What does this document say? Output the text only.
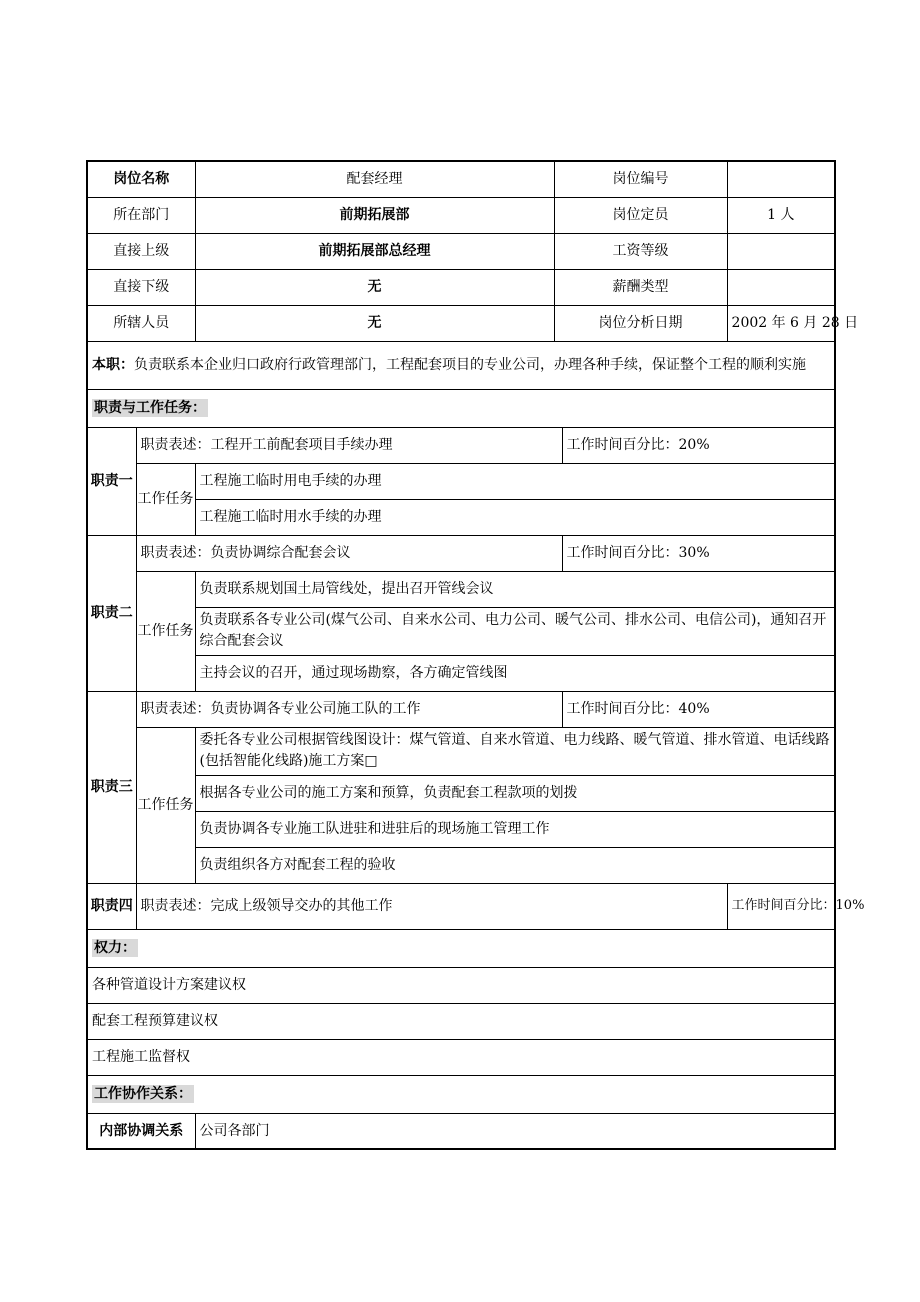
岗位名称		配套经理	岗位编号		
所在部门		前期拓展部	岗位定员		1 人
直接上级		前期拓展部总经理	工资等级		
直接下级		无	薪酬类型		
所辖人员		无	岗位分析日期		2002 年 6 月 28 日
本职：负责联系本企业归口政府行政管理部门，工程配套项目的专业公司，办理各种手续，保证整个工程的顺利实施					
职责与工作任务：					
职责一	职责表述：工程开工前配套项目手续办理			工作时间百分比：20%	
	工作任务	工程施工临时用电手续的办理			
		工程施工临时用水手续的办理			
职责二	职责表述：负责协调综合配套会议			工作时间百分比：30%	
	工作任务	负责联系规划国土局管线处，提出召开管线会议			
		负责联系各专业公司(煤气公司、自来水公司、电力公司、暖气公司、排水公司、电信公司)，通知召开综合配套会议			
		主持会议的召开，通过现场勘察，各方确定管线图			
职责三	职责表述：负责协调各专业公司施工队的工作			工作时间百分比：40%	
	工作任务	委托各专业公司根据管线图设计：煤气管道、自来水管道、电力线路、暖气管道、排水管道、电话线路(包括智能化线路)施工方案□			
		根据各专业公司的施工方案和预算，负责配套工程款项的划拨			
		负责协调各专业施工队进驻和进驻后的现场施工管理工作			
		负责组织各方对配套工程的验收			
职责四	职责表述：完成上级领导交办的其他工作				工作时间百分比：10%
权力：					
各种管道设计方案建议权					
配套工程预算建议权					
工程施工监督权					
工作协作关系：					
内部协调关系		公司各部门			
